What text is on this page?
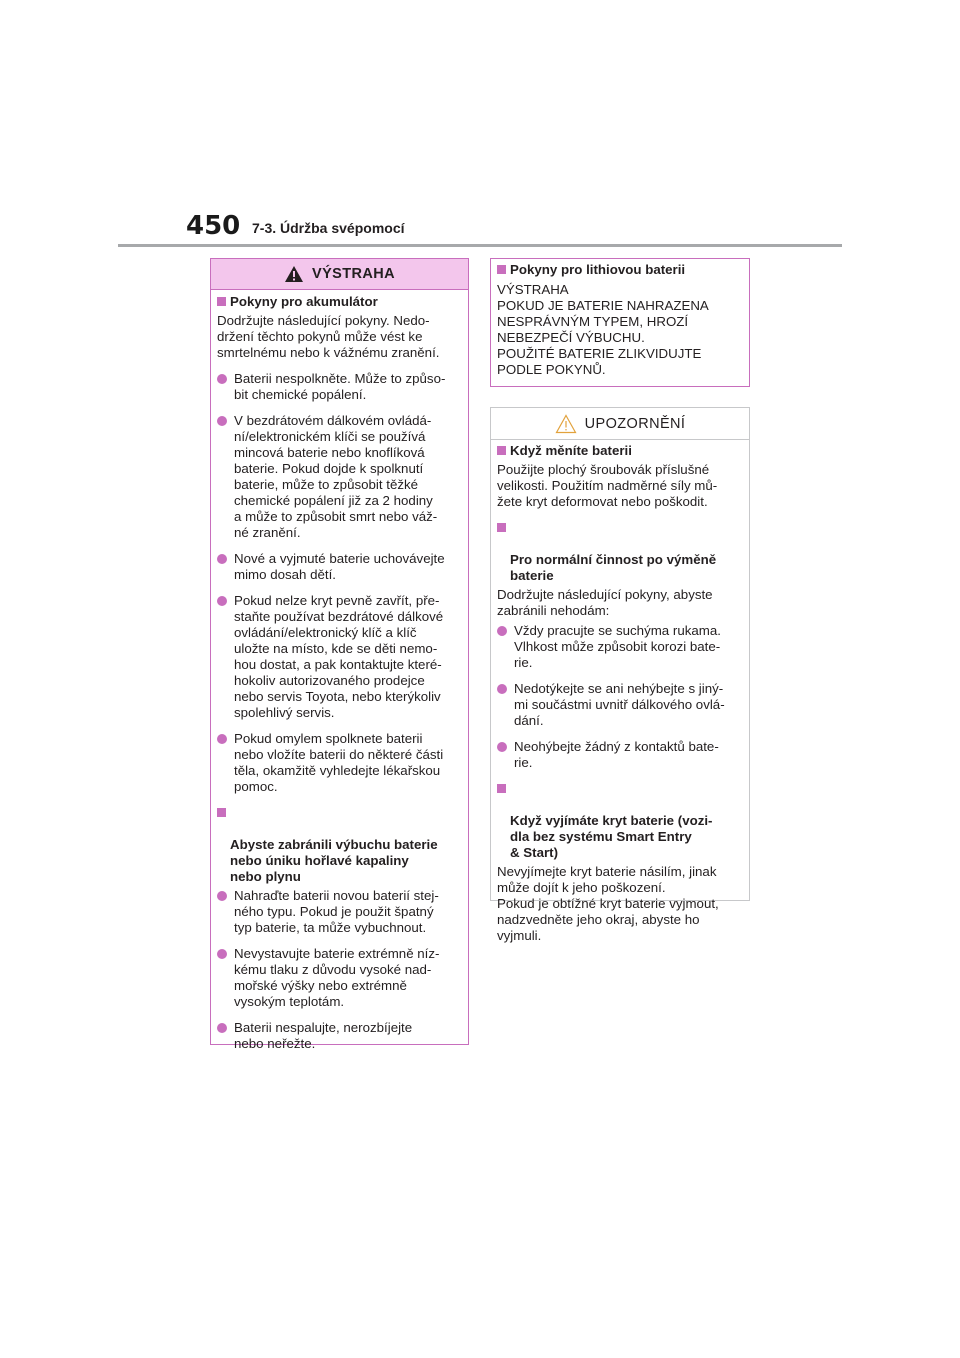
450 7-3. Údržba svépomocí
VÝSTRAHA
Pokyny pro akumulátor
Dodržujte následující pokyny. Nedo-
držení těchto pokynů může vést ke
smrtelnému nebo k vážnému zranění.
Baterii nespolkněte. Může to způso-
bit chemické popálení.
V bezdrátovém dálkovém ovládá-
ní/elektronickém klíči se používá
mincová baterie nebo knoflíková
baterie. Pokud dojde k spolknutí
baterie, může to způsobit těžké
chemické popálení již za 2 hodiny
a může to způsobit smrt nebo váž-
né zranění.
Nové a vyjmuté baterie uchovávejte
mimo dosah dětí.
Pokud nelze kryt pevně zavřít, pře-
staňte používat bezdrátové dálkové
ovládání/elektronický klíč a klíč
uložte na místo, kde se děti nemo-
hou dostat, a pak kontaktujte které-
hokoliv autorizovaného prodejce
nebo servis Toyota, nebo kterýkoliv
spolehlivý servis.
Pokud omylem spolknete baterii
nebo vložíte baterii do některé části
těla, okamžitě vyhledejte lékařskou
pomoc.

Abyste zabránili výbuchu baterie
nebo úniku hořlavé kapaliny
nebo plynu

Nahraďte baterii novou baterií stej-
ného typu. Pokud je použit špatný
typ baterie, ta může vybuchnout.
Nevystavujte baterie extrémně níz-
kému tlaku z důvodu vysoké nad-
mořské výšky nebo extrémně
vysokým teplotám.
Baterii nespalujte, nerozbíjejte
nebo neřežte.
Pokyny pro lithiovou baterii
VÝSTRAHA
POKUD JE BATERIE NAHRAZENA
NESPRÁVNÝM TYPEM, HROZÍ
NEBEZPEČÍ VÝBUCHU.
POUŽITÉ BATERIE ZLIKVIDUJTE
PODLE POKYNŮ.
UPOZORNĚNÍ
Když měníte baterii
Použijte plochý šroubovák příslušné
velikosti. Použitím nadměrné síly mů-
žete kryt deformovat nebo poškodit.

Pro normální činnost po výměně
baterie

Dodržujte následující pokyny, abyste
zabránili nehodám:
Vždy pracujte se suchýma rukama.
Vlhkost může způsobit korozi bate-
rie.
Nedotýkejte se ani nehýbejte s jiný-
mi součástmi uvnitř dálkového ovlá-
dání.
Neohýbejte žádný z kontaktů bate-
rie.

Když vyjímáte kryt baterie (vozi-
dla bez systému Smart Entry
& Start)

Nevyjímejte kryt baterie násilím, jinak
může dojít k jeho poškození.
Pokud je obtížné kryt baterie vyjmout,
nadzvedněte jeho okraj, abyste ho
vyjmuli.
